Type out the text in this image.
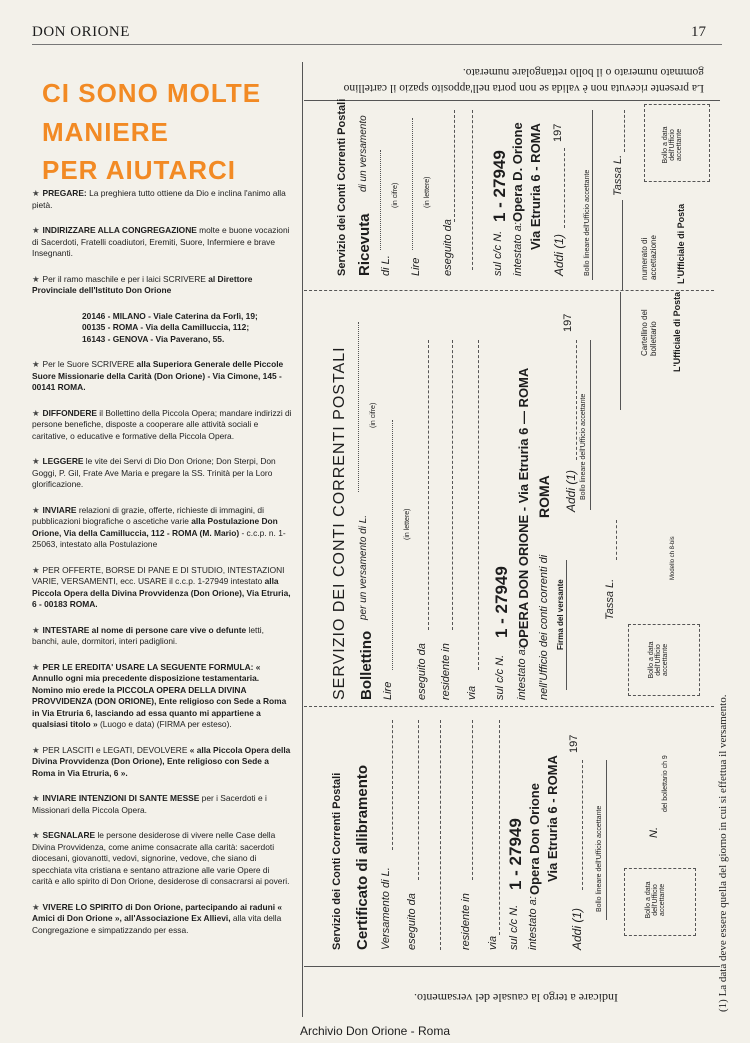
DON ORIONE	17
CI SONO MOLTE
MANIERE
PER AIUTARCI

★ PREGARE: La preghiera tutto ottiene da Dio e inclina l'animo alla pietà.

★ INDIRIZZARE ALLA CONGREGAZIONE molte e buone vocazioni di Sacerdoti, Fratelli coadiutori, Eremiti, Suore, Infermiere e brave Insegnanti.

★ Per il ramo maschile e per i laici SCRIVERE al Direttore Provinciale dell'Istituto Don Orione

20146 - MILANO - Viale Caterina da Forlì, 19;
00135 - ROMA - Via della Camilluccia, 112;
16143 - GENOVA - Via Paverano, 55.

★ Per le Suore SCRIVERE alla Superiora Generale delle Piccole Suore Missionarie della Carità (Don Orione) - Via Cimone, 145 - 00141 ROMA.

★ DIFFONDERE il Bollettino della Piccola Opera; mandare indirizzi di persone benefiche, disposte a cooperare alle attività sociali e caritative, o educative e formative della Piccola Opera.

★ LEGGERE le vite dei Servi di Dio Don Orione; Don Sterpi, Don Goggi, P. Gil, Frate Ave Maria e pregare la SS. Trinità per la Loro glorificazione.

★ INVIARE relazioni di grazie, offerte, richieste di immagini, di pubblicazioni biografiche o ascetiche varie alla Postulazione Don Orione, Via della Camilluccia, 112 - ROMA (M. Mario) - c.c.p. n. 1-25063, intestato alla Postulazione

★ PER OFFERTE, BORSE DI PANE E DI STUDIO, INTESTAZIONI VARIE, VERSAMENTI, ecc. USARE il c.c.p. 1-27949 intestato alla Piccola Opera della Divina Provvidenza (Don Orione), Via Etruria, 6 - 00183 ROMA.

★ INTESTARE al nome di persone care vive o defunte letti, banchi, aule, dormitori, interi padiglioni.

★ PER LE EREDITA' USARE LA SEGUENTE FORMULA: « Annullo ogni mia precedente disposizione testamentaria. Nomino mio erede la PICCOLA OPERA DELLA DIVINA PROVVIDENZA (DON ORIONE), Ente religioso con Sede a Roma in Via Etruria 6, lasciando ad essa quanto mi appartiene a qualsiasi titolo » (Luogo e data) (FIRMA per esteso).

★ PER LASCITI e LEGATI, DEVOLVERE « alla Piccola Opera della Divina Provvidenza (Don Orione), Ente religioso con Sede a Roma in Via Etruria, 6 ».

★ INVIARE INTENZIONI DI SANTE MESSE per i Sacerdoti e i Missionari della Piccola Opera.

★ SEGNALARE le persone desiderose di vivere nelle Case della Divina Provvidenza, come anime consacrate alla carità: sacerdoti diocesani, giovanotti, vedovi, signorine, vedove, che siano di specchiata vita cristiana e sentano attrazione alle varie Opere di carità e allo spirito di Don Orione, desiderose di consacrarsi ai poveri.

★ VIVERE LO SPIRITO di Don Orione, partecipando ai raduni « Amici di Don Orione », all'Associazione Ex Allievi, alla vita della Congregazione e simpatizzando per essa.

La presente ricevuta non è valida se non porta nell'apposito spazio il cartellino gommato numerato o il bollo rettangolare numerato.
Servizio dei Conti Correnti Postali Certificato di allibramento Versamento di L. eseguito da	residente in via sul c/c N.
1 - 27949
intestato a:
Opera Don Orione Via Etruria 6 - ROMA
Addi (1)
197
Bollo lineare dell'Ufficio accettante	Bollo a data dell'Ufficio accettante
N.
del bollettario ch 9
SERVIZIO DEI CONTI CORRENTI POSTALI Bollettino
per un versamento di L.
(in cifre)
Lire
(in lettere)
eseguito da residente in via sul c/c N.
1 - 27949
intestato a:
OPERA DON ORIONE - Via Etruria 6 — ROMA nell'Ufficio dei conti correnti di
ROMA
Firma del versante
Addi (1)
197
Bollo lineare dell'Ufficio accettante
Tassa L.
Bollo a data dell'Ufficio accettante
Modello ch 8-bis
Cartellino del bollettario L'Ufficiale di Posta
Servizio dei Conti Correnti Postali Ricevuta
di un versamento
di L.
(in cifre)
Lire
(in lettere)
eseguito da	sul c/c N.
1 - 27949
intestato a:
Opera D. Orione Via Etruria 6 - ROMA
Addi (1)
197
Bollo lineare dell'Ufficio accettante Tassa L.
numerato di accettazione L'Ufficiale di Posta
Bollo a data dell'Ufficio accettante
(1) La data deve essere quella del giorno in cui si effettua il versamento.
Indicare a tergo la causale del versamento.
Archivio Don Orione - Roma
